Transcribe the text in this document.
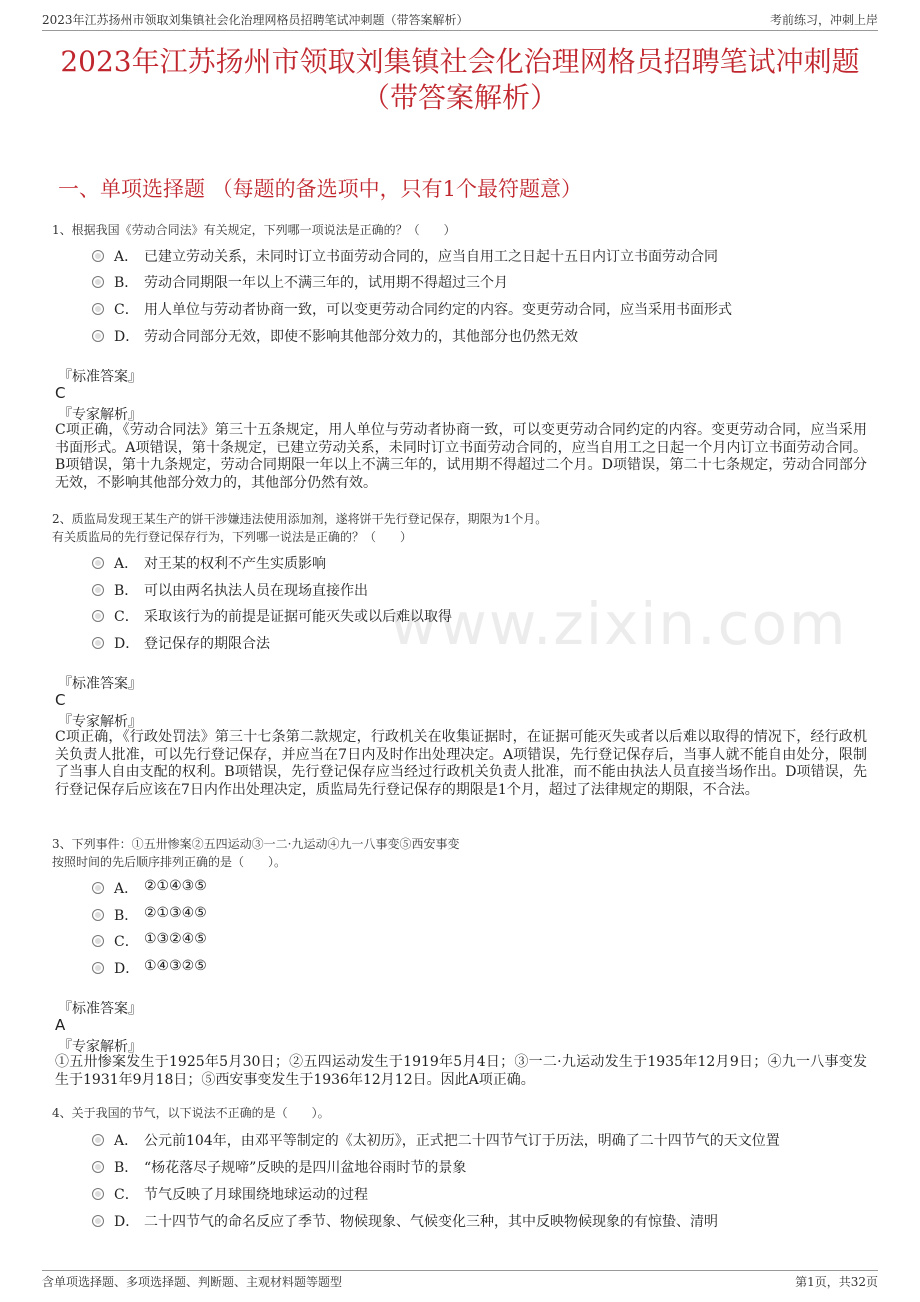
2023年江苏扬州市领取刘集镇社会化治理网格员招聘笔试冲刺题（带答案解析）	考前练习，冲刺上岸
2023年江苏扬州市领取刘集镇社会化治理网格员招聘笔试冲刺题（带答案解析）
一、单项选择题 （每题的备选项中，只有1个最符题意）
www.zixin.com
1、根据我国《劳动合同法》有关规定，下列哪一项说法是正确的？（　　）
A． 已建立劳动关系，未同时订立书面劳动合同的，应当自用工之日起十五日内订立书面劳动合同
B． 劳动合同期限一年以上不满三年的，试用期不得超过三个月
C． 用人单位与劳动者协商一致，可以变更劳动合同约定的内容。变更劳动合同，应当采用书面形式
D． 劳动合同部分无效，即使不影响其他部分效力的，其他部分也仍然无效
『标准答案』
C
『专家解析』
C项正确，《劳动合同法》第三十五条规定，用人单位与劳动者协商一致，可以变更劳动合同约定的内容。变更劳动合同，应当采用书面形式。A项错误，第十条规定，已建立劳动关系，未同时订立书面劳动合同的，应当自用工之日起一个月内订立书面劳动合同。B项错误，第十九条规定，劳动合同期限一年以上不满三年的，试用期不得超过二个月。D项错误，第二十七条规定，劳动合同部分无效，不影响其他部分效力的，其他部分仍然有效。
2、质监局发现王某生产的饼干涉嫌违法使用添加剂，遂将饼干先行登记保存，期限为1个月。
有关质监局的先行登记保存行为，下列哪一说法是正确的？（　　）
A． 对王某的权利不产生实质影响
B． 可以由两名执法人员在现场直接作出
C． 采取该行为的前提是证据可能灭失或以后难以取得
D． 登记保存的期限合法
『标准答案』
C
『专家解析』
C项正确，《行政处罚法》第三十七条第二款规定，行政机关在收集证据时，在证据可能灭失或者以后难以取得的情况下，经行政机关负责人批准，可以先行登记保存，并应当在7日内及时作出处理决定。A项错误，先行登记保存后，当事人就不能自由处分，限制了当事人自由支配的权利。B项错误，先行登记保存应当经过行政机关负责人批准，而不能由执法人员直接当场作出。D项错误，先行登记保存后应该在7日内作出处理决定，质监局先行登记保存的期限是1个月，超过了法律规定的期限，不合法。
3、下列事件：①五卅惨案②五四运动③一二·九运动④九一八事变⑤西安事变
按照时间的先后顺序排列正确的是（　　）。
A． ②①④③⑤
B． ②①③④⑤
C． ①③②④⑤
D． ①④③②⑤
『标准答案』
A
『专家解析』
①五卅惨案发生于1925年5月30日；②五四运动发生于1919年5月4日；③一二·九运动发生于1935年12月9日；④九一八事变发生于1931年9月18日；⑤西安事变发生于1936年12月12日。因此A项正确。
4、关于我国的节气，以下说法不正确的是（　　）。
A． 公元前104年，由邓平等制定的《太初历》，正式把二十四节气订于历法，明确了二十四节气的天文位置
B． “杨花落尽子规啼”反映的是四川盆地谷雨时节的景象
C． 节气反映了月球围绕地球运动的过程
D． 二十四节气的命名反应了季节、物候现象、气候变化三种，其中反映物候现象的有惊蛰、清明
含单项选择题、多项选择题、判断题、主观材料题等题型	第1页，共32页
